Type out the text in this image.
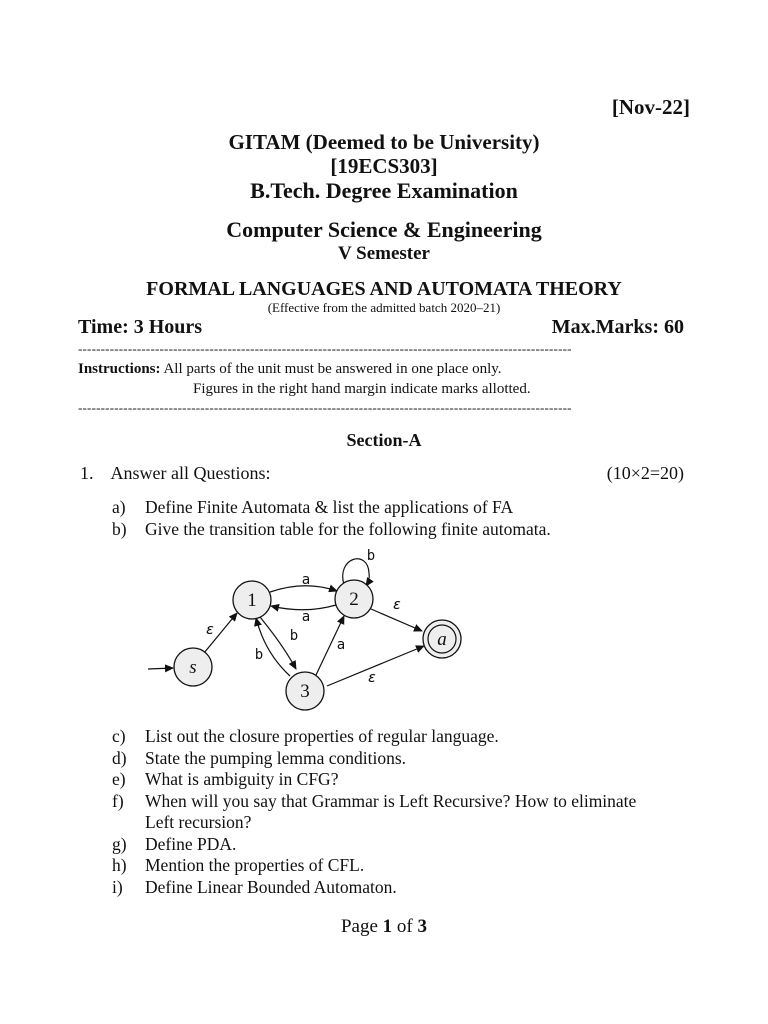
[Nov-22]
GITAM (Deemed to be University)
[19ECS303]
B.Tech. Degree Examination
Computer Science & Engineering
V Semester
FORMAL LANGUAGES AND AUTOMATA THEORY
(Effective from the admitted batch 2020–21)
Time: 3 Hours	Max.Marks: 60
-------------------------------------------------------------------------------------------------------------
Instructions: All parts of the unit must be answered in one place only.
Figures in the right hand margin indicate marks allotted.
-------------------------------------------------------------------------------------------------------------
Section-A
1. Answer all Questions:	(10×2=20)
a)	Define Finite Automata & list the applications of FA
b)	Give the transition table for the following finite automata.
1	2
3
s
a
a
a
b
b
b
a
ε
ε
ε
c)	List out the closure properties of regular language.
d)	State the pumping lemma conditions.
e)	What is ambiguity in CFG?
f)	When will you say that Grammar is Left Recursive? How to eliminate Left recursion?
g)	Define PDA.
h)	Mention the properties of CFL.
i)	Define Linear Bounded Automaton.
Page 1 of 3
